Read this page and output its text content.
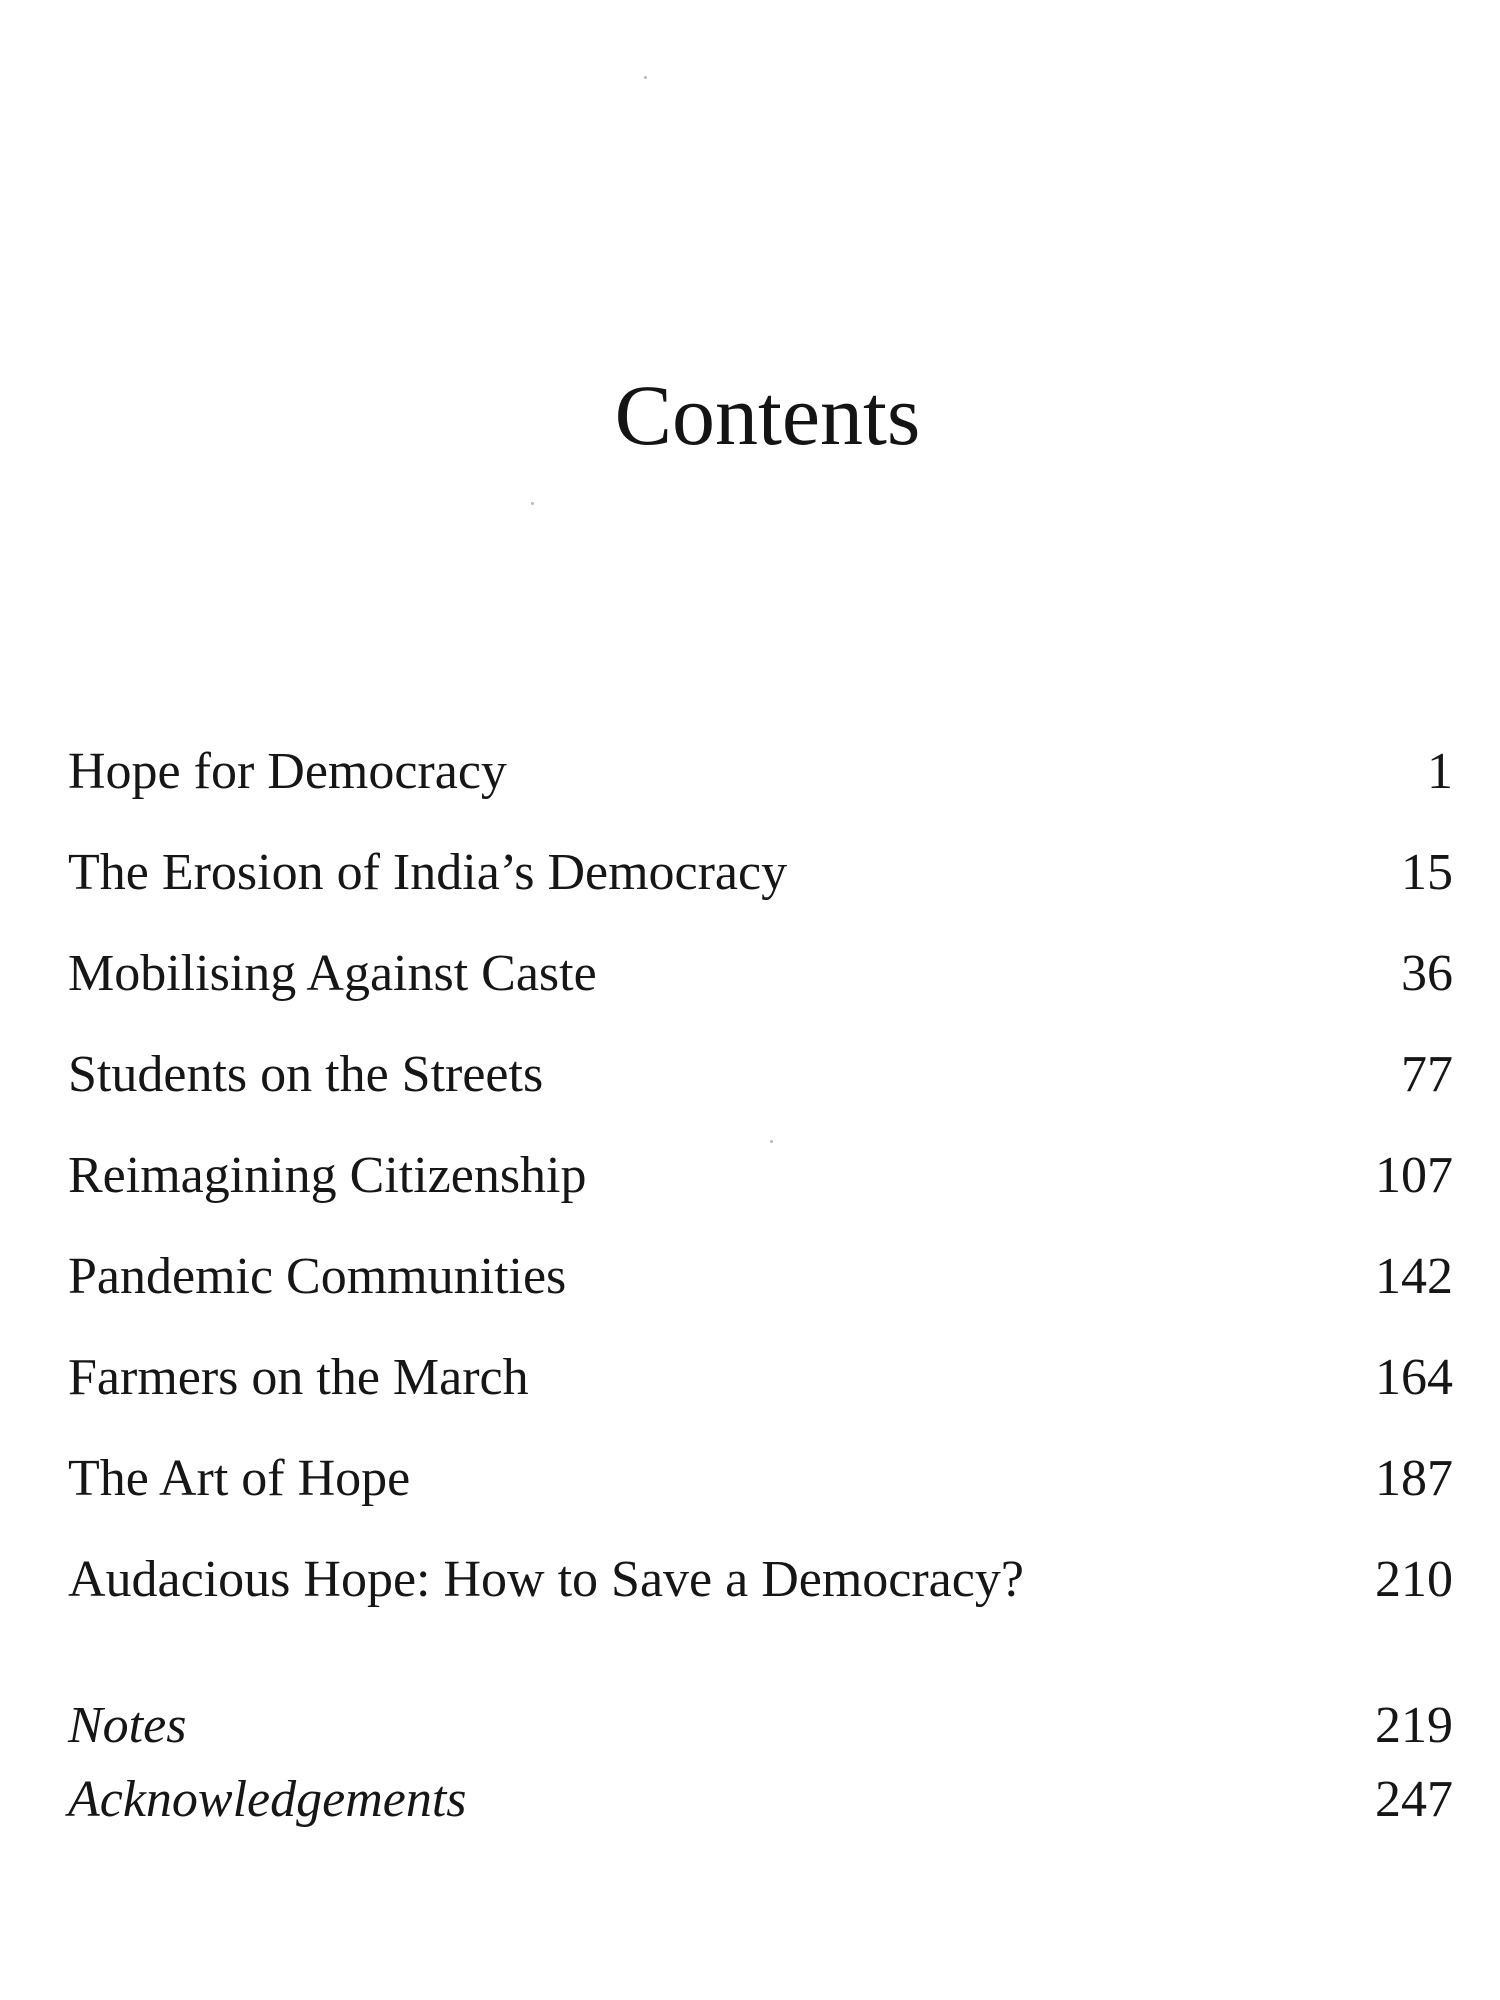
Contents
Hope for Democracy	1
The Erosion of India’s Democracy	15
Mobilising Against Caste	36
Students on the Streets	77
Reimagining Citizenship	107
Pandemic Communities	142
Farmers on the March	164
The Art of Hope	187
Audacious Hope: How to Save a Democracy?	210
Notes	219
Acknowledgements	247
